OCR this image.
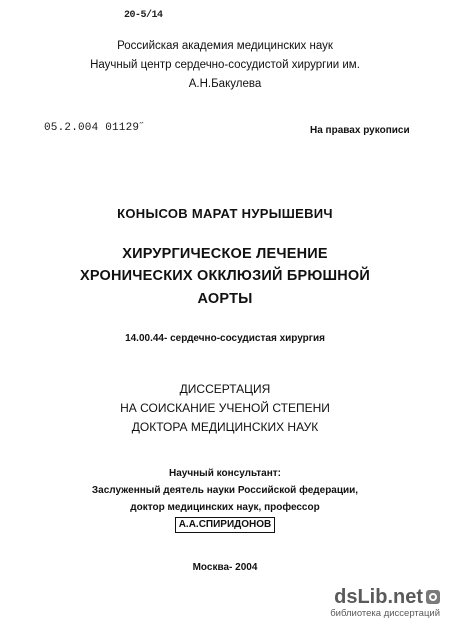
20-5/14
Российская академия медицинских наук
Научный центр сердечно-сосудистой хирургии им.
А.Н.Бакулева
05.2.004 01129˝	На правах рукописи
КОНЫСОВ МАРАТ НУРЫШЕВИЧ
ХИРУРГИЧЕСКОЕ ЛЕЧЕНИЕ
ХРОНИЧЕСКИХ ОККЛЮЗИЙ БРЮШНОЙ
АОРТЫ
14.00.44- сердечно-сосудистая хирургия
ДИССЕРТАЦИЯ
НА СОИСКАНИЕ УЧЕНОЙ СТЕПЕНИ
ДОКТОРА МЕДИЦИНСКИХ НАУК
Научный консультант:
Заслуженный деятель науки Российской федерации,
доктор медицинских наук, профессор
А.А.СПИРИДОНОВ
Москва- 2004
dsLib.net
библиотека диссертаций
